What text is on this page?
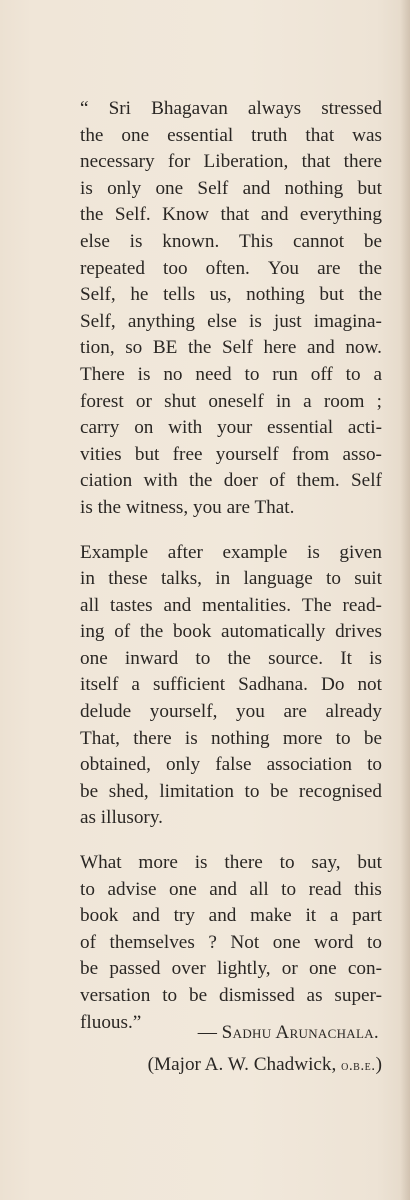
“ Sri Bhagavan always stressed
the one essential truth that was
necessary for Liberation, that there
is only one Self and nothing but
the Self. Know that and everything
else is known. This cannot be
repeated too often. You are the
Self, he tells us, nothing but the
Self, anything else is just imagina-
tion, so BE the Self here and now.
There is no need to run off to a
forest or shut oneself in a room ;
carry on with your essential acti-
vities but free yourself from asso-
ciation with the doer of them. Self
is the witness, you are That.
Example after example is given
in these talks, in language to suit
all tastes and mentalities. The read-
ing of the book automatically drives
one inward to the source. It is
itself a sufficient Sadhana. Do not
delude yourself, you are already
That, there is nothing more to be
obtained, only false association to
be shed, limitation to be recognised
as illusory.
What more is there to say, but
to advise one and all to read this
book and try and make it a part
of themselves ? Not one word to
be passed over lightly, or one con-
versation to be dismissed as super-
fluous.”	— Sadhu Arunachala.
(Major A. W. Chadwick, o.b.e.)
